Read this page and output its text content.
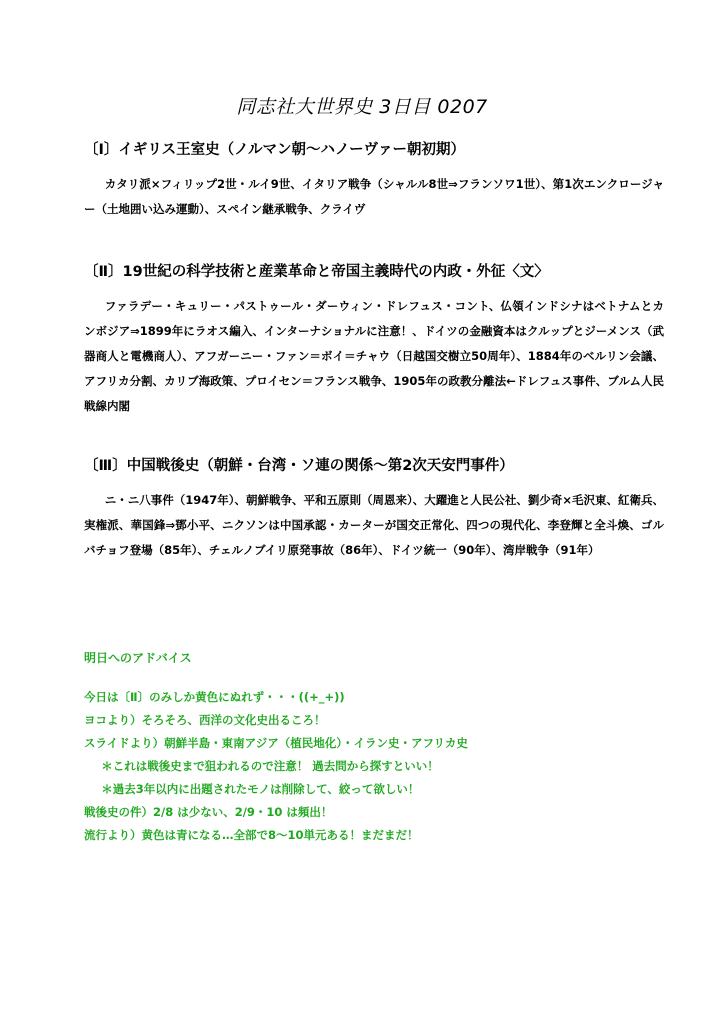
同志社大世界史 3日目 0207
〔Ⅰ〕イギリス王室史（ノルマン朝〜ハノーヴァー朝初期）
カタリ派×フィリップ2世・ルイ9世、イタリア戦争（シャルル8世⇒フランソワ1世）、第1次エンクロージャー（土地囲い込み運動）、スペイン継承戦争、クライヴ
〔Ⅱ〕19世紀の科学技術と産業革命と帝国主義時代の内政・外征〈文〉
ファラデー・キュリー・パストゥール・ダーウィン・ドレフュス・コント、仏領インドシナはベトナムとカンボジア⇒1899年にラオス編入、インターナショナルに注意！、ドイツの金融資本はクルップとジーメンス（武器商人と電機商人）、アフガーニー・ファン＝ボイ＝チャウ（日越国交樹立50周年）、1884年のベルリン会議、アフリカ分割、カリブ海政策、プロイセン＝フランス戦争、1905年の政教分離法←ドレフュス事件、ブルム人民戦線内閣
〔Ⅲ〕中国戦後史（朝鮮・台湾・ソ連の関係〜第2次天安門事件）
ニ・ニ八事件（1947年）、朝鮮戦争、平和五原則（周恩来）、大躍進と人民公社、劉少奇×毛沢東、紅衛兵、実権派、華国鋒⇒鄧小平、ニクソンは中国承認・カーターが国交正常化、四つの現代化、李登輝と全斗煥、ゴルバチョフ登場（85年）、チェルノブイリ原発事故（86年）、ドイツ統一（90年）、湾岸戦争（91年）
明日へのアドバイス
今日は〔Ⅱ〕のみしか黄色にぬれず・・・((+_+))
ヨコより）そろそろ、西洋の文化史出るころ！
スライドより）朝鮮半島・東南アジア（植民地化）・イラン史・アフリカ史
＊これは戦後史まで狙われるので注意！ 過去問から探すといい！
＊過去3年以内に出題されたモノは削除して、絞って欲しい！
戦後史の件）2/8 は少ない、2/9・10 は頻出！
流行より）黄色は青になる…全部で8〜10単元ある！まだまだ！
